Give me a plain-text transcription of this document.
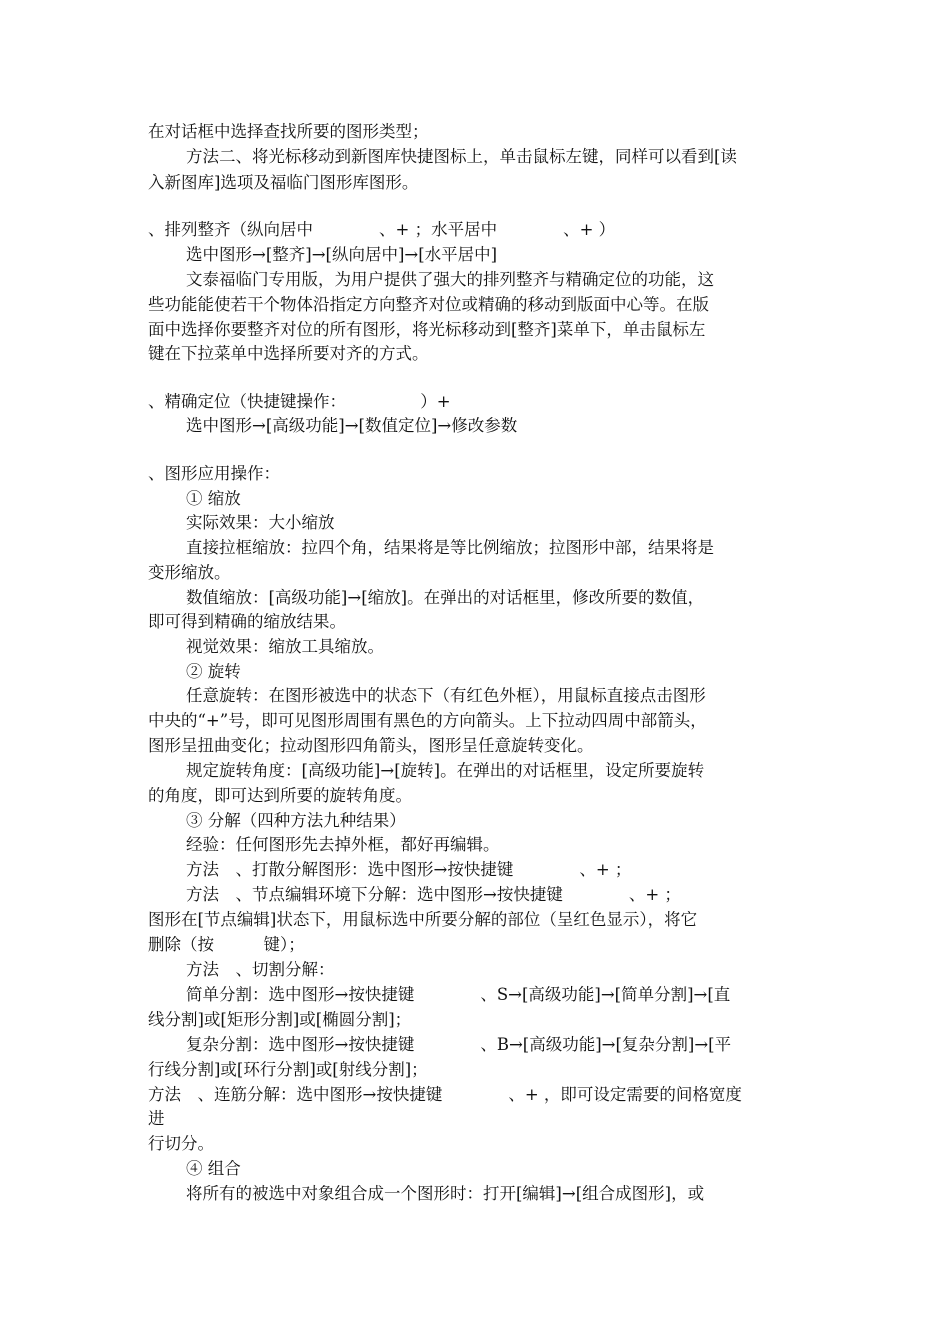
在对话框中选择查找所要的图形类型；
方法二、将光标移动到新图库快捷图标上，单击鼠标左键，同样可以看到[读
入新图库]选项及福临门图形库图形。
、排列整齐（纵向居中　　　　、+ ；水平居中　　　　、+ ）
选中图形→[整齐]→[纵向居中]→[水平居中]
文泰福临门专用版，为用户提供了强大的排列整齐与精确定位的功能，这
些功能能使若干个物体沿指定方向整齐对位或精确的移动到版面中心等。在版
面中选择你要整齐对位的所有图形，将光标移动到[整齐]菜单下，单击鼠标左
键在下拉菜单中选择所要对齐的方式。
、精确定位（快捷键操作：　　　　　）+
选中图形→[高级功能]→[数值定位]→修改参数
、图形应用操作：
① 缩放
实际效果：大小缩放
直接拉框缩放：拉四个角，结果将是等比例缩放；拉图形中部，结果将是
变形缩放。
数值缩放：[高级功能]→[缩放]。在弹出的对话框里，修改所要的数值，
即可得到精确的缩放结果。
视觉效果：缩放工具缩放。
② 旋转
任意旋转：在图形被选中的状态下（有红色外框），用鼠标直接点击图形
中央的“+”号，即可见图形周围有黑色的方向箭头。上下拉动四周中部箭头，
图形呈扭曲变化；拉动图形四角箭头，图形呈任意旋转变化。
规定旋转角度：[高级功能]→[旋转]。在弹出的对话框里，设定所要旋转
的角度，即可达到所要的旋转角度。
③ 分解（四种方法九种结果）
经验：任何图形先去掉外框，都好再编辑。
方法　、打散分解图形：选中图形→按快捷键　　　　、+ ；
方法　、节点编辑环境下分解：选中图形→按快捷键　　　　、+ ；
图形在[节点编辑]状态下，用鼠标选中所要分解的部位（呈红色显示），将它
删除（按　　　键）；
方法　、切割分解：
简单分割：选中图形→按快捷键　　　　、S→[高级功能]→[简单分割]→[直
线分割]或[矩形分割]或[椭圆分割]；
复杂分割：选中图形→按快捷键　　　　、B→[高级功能]→[复杂分割]→[平
行线分割]或[环行分割]或[射线分割]；
方法　、连筋分解：选中图形→按快捷键　　　　、+ ，即可设定需要的间格宽度
进
行切分。
④ 组合
将所有的被选中对象组合成一个图形时：打开[编辑]→[组合成图形]，或
